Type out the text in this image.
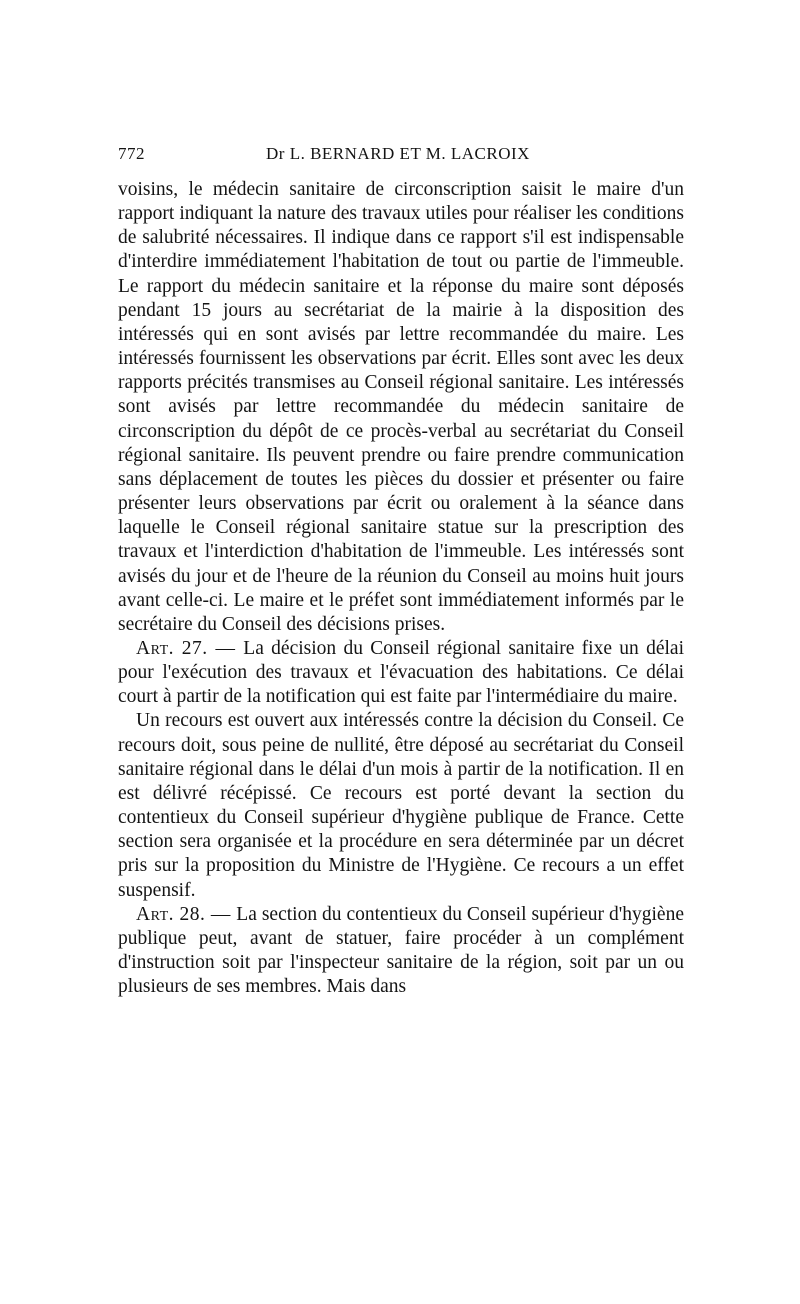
772	Dr L. BERNARD ET M. LACROIX

voisins, le médecin sanitaire de circonscription saisit le maire d'un rapport indiquant la nature des travaux utiles pour réaliser les conditions de salubrité nécessaires. Il indique dans ce rapport s'il est indispensable d'interdire immédiatement l'habitation de tout ou partie de l'immeuble. Le rapport du médecin sanitaire et la réponse du maire sont déposés pendant 15 jours au secrétariat de la mairie à la disposition des intéressés qui en sont avisés par lettre recommandée du maire. Les intéressés fournissent les observations par écrit. Elles sont avec les deux rapports précités transmises au Conseil régional sanitaire. Les intéressés sont avisés par lettre recommandée du médecin sanitaire de circonscription du dépôt de ce procès-verbal au secrétariat du Conseil régional sanitaire. Ils peuvent prendre ou faire prendre communication sans déplacement de toutes les pièces du dossier et présenter ou faire présenter leurs observations par écrit ou oralement à la séance dans laquelle le Conseil régional sanitaire statue sur la prescription des travaux et l'interdiction d'habitation de l'immeuble. Les intéressés sont avisés du jour et de l'heure de la réunion du Conseil au moins huit jours avant celle-ci. Le maire et le préfet sont immédiatement informés par le secrétaire du Conseil des décisions prises.

Art. 27. — La décision du Conseil régional sanitaire fixe un délai pour l'exécution des travaux et l'évacuation des habitations. Ce délai court à partir de la notification qui est faite par l'intermédiaire du maire.

Un recours est ouvert aux intéressés contre la décision du Conseil. Ce recours doit, sous peine de nullité, être déposé au secrétariat du Conseil sanitaire régional dans le délai d'un mois à partir de la notification. Il en est délivré récépissé. Ce recours est porté devant la section du contentieux du Conseil supérieur d'hygiène publique de France. Cette section sera organisée et la procédure en sera déterminée par un décret pris sur la proposition du Ministre de l'Hygiène. Ce recours a un effet suspensif.

Art. 28. — La section du contentieux du Conseil supérieur d'hygiène publique peut, avant de statuer, faire procéder à un complément d'instruction soit par l'inspecteur sanitaire de la région, soit par un ou plusieurs de ses membres. Mais dans
